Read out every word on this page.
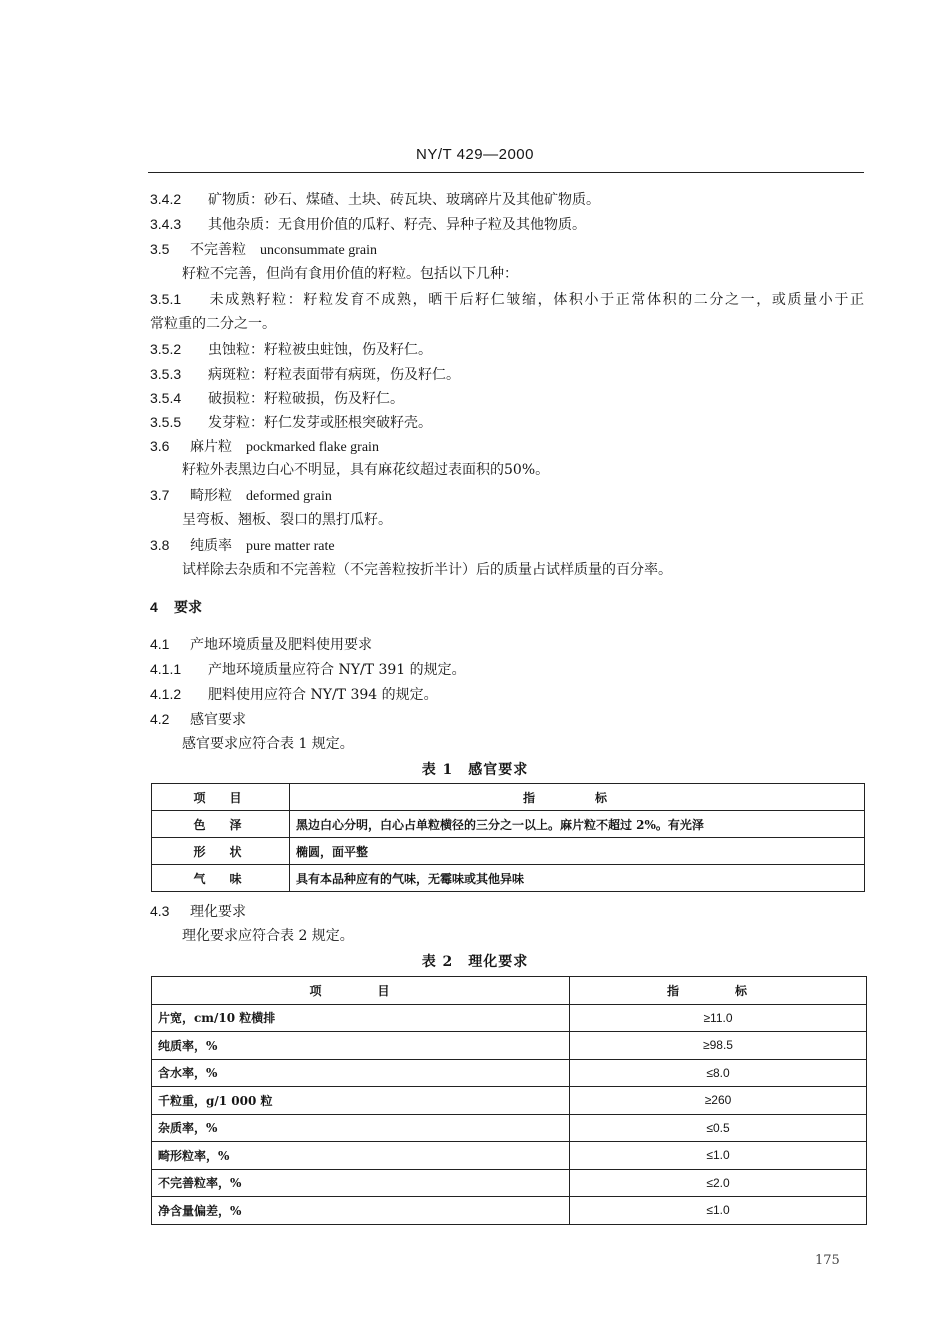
NY/T 429—2000
3.4.2 矿物质：砂石、煤碴、土块、砖瓦块、玻璃碎片及其他矿物质。
3.4.3 其他杂质：无食用价值的瓜籽、籽壳、异种子粒及其他物质。
3.5 不完善粒 unconsummate grain
籽粒不完善，但尚有食用价值的籽粒。包括以下几种：
3.5.1 未成熟籽粒：籽粒发育不成熟，晒干后籽仁皱缩，体积小于正常体积的二分之一，或质量小于正
常粒重的二分之一。
3.5.2 虫蚀粒：籽粒被虫蛀蚀，伤及籽仁。
3.5.3 病斑粒：籽粒表面带有病斑，伤及籽仁。
3.5.4 破损粒：籽粒破损，伤及籽仁。
3.5.5 发芽粒：籽仁发芽或胚根突破籽壳。
3.6 麻片粒 pockmarked flake grain
籽粒外表黑边白心不明显，具有麻花纹超过表面积的50%。
3.7 畸形粒 deformed grain
呈弯板、翘板、裂口的黑打瓜籽。
3.8 纯质率 pure matter rate
试样除去杂质和不完善粒（不完善粒按折半计）后的质量占试样质量的百分率。
4 要求
4.1 产地环境质量及肥料使用要求
4.1.1 产地环境质量应符合 NY/T 391 的规定。
4.1.2 肥料使用应符合 NY/T 394 的规定。
4.2 感官要求
感官要求应符合表 1 规定。
表 1　感官要求
项　目	指　标
色　泽	黑边白心分明，白心占单粒横径的三分之一以上。麻片粒不超过 2%。有光泽
形　状	椭圆，面平整
气　味	具有本品种应有的气味，无霉味或其他异味
4.3 理化要求
理化要求应符合表 2 规定。
表 2　理化要求
项　目	指　标
片宽，cm/10 粒横排	≥11.0
纯质率，%	≥98.5
含水率，%	≤8.0
千粒重，g/1 000 粒	≥260
杂质率，%	≤0.5
畸形粒率，%	≤1.0
不完善粒率，%	≤2.0
净含量偏差，%	≤1.0
175
